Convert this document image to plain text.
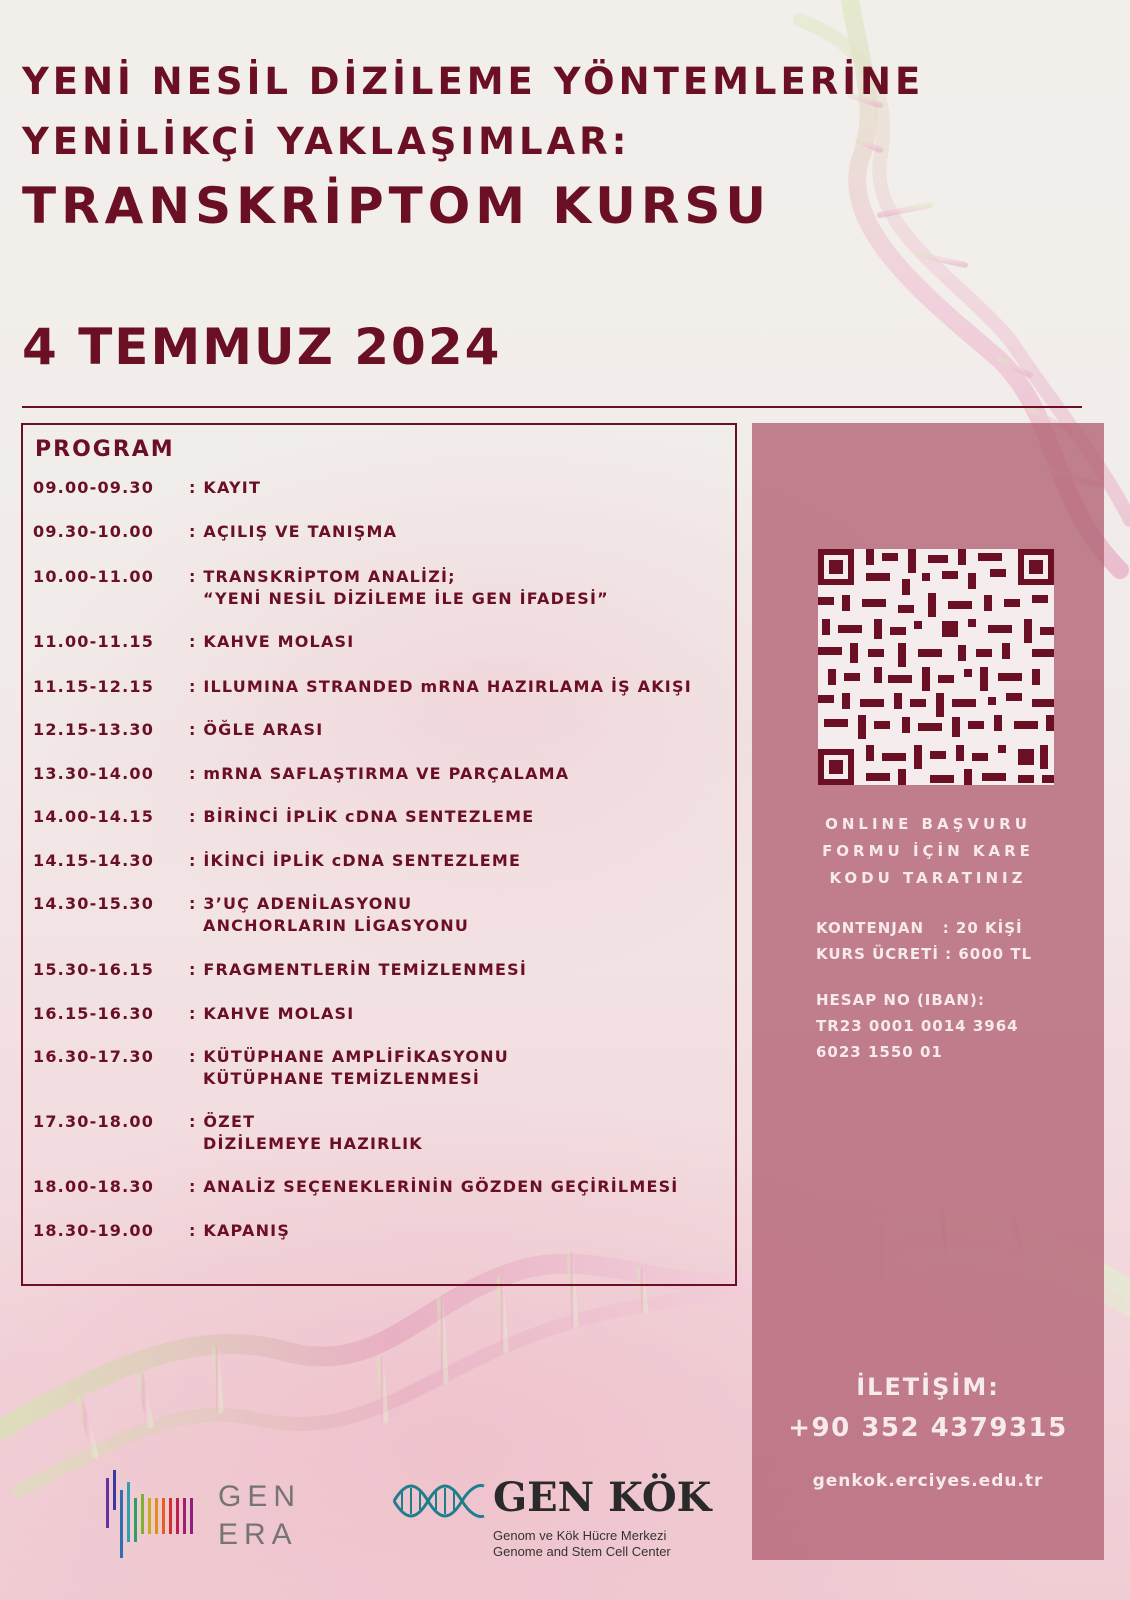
YENİ NESİL DİZİLEME YÖNTEMLERİNE
YENİLİKÇİ YAKLAŞIMLAR:
TRANSKRİPTOM KURSU
4 TEMMUZ 2024
PROGRAM
09.00-09.30 : KAYIT
09.30-10.00 : AÇILIŞ VE TANIŞMA
10.00-11.00 : TRANSKRİPTOM ANALİZİ;
“YENİ NESİL DİZİLEME İLE GEN İFADESİ”
11.00-11.15 : KAHVE MOLASI
11.15-12.15 : ILLUMINA STRANDED mRNA HAZIRLAMA İŞ AKIŞI
12.15-13.30 : ÖĞLE ARASI
13.30-14.00 : mRNA SAFLAŞTIRMA VE PARÇALAMA
14.00-14.15 : BİRİNCİ İPLİK cDNA SENTEZLEME
14.15-14.30 : İKİNCİ İPLİK cDNA SENTEZLEME
14.30-15.30 : 3’UÇ ADENİLASYONU
ANCHORLARIN LİGASYONU
15.30-16.15 : FRAGMENTLERİN TEMİZLENMESİ
16.15-16.30 : KAHVE MOLASI
16.30-17.30 : KÜTÜPHANE AMPLİFİKASYONU
KÜTÜPHANE TEMİZLENMESİ
17.30-18.00 : ÖZET
DİZİLEMEYE HAZIRLIK
18.00-18.30 : ANALİZ SEÇENEKLERİNİN GÖZDEN GEÇİRİLMESİ
18.30-19.00 : KAPANIŞ
ONLINE BAŞVURU
FORMU İÇİN KARE
KODU TARATINIZ
KONTENJAN   : 20 KİŞİ
KURS ÜCRETİ : 6000 TL
HESAP NO (IBAN):
TR23 0001 0014 3964
6023 1550 01
İLETİŞİM:
+90 352 4379315
genkok.erciyes.edu.tr
GEN
ERA
GEN KÖK
Genom ve Kök Hücre Merkezi
Genome and Stem Cell Center
